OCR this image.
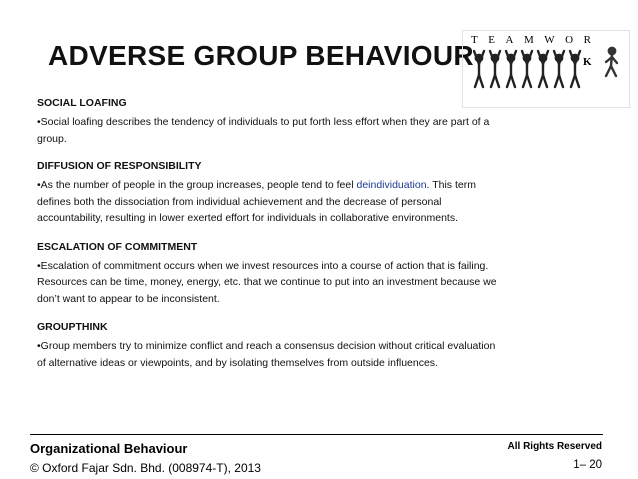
ADVERSE GROUP BEHAVIOUR
T E A M W O R
K

SOCIAL LOAFING

•Social loafing describes the tendency of individuals to put forth less effort when they are part of a group.

DIFFUSION OF RESPONSIBILITY

•As the number of people in the group increases, people tend to feel deindividuation. This term defines both the dissociation from individual achievement and the decrease of personal accountability, resulting in lower exerted effort for individuals in collaborative environments.

ESCALATION OF COMMITMENT

•Escalation of commitment occurs when we invest resources into a course of action that is failing. Resources can be time, money, energy, etc. that we continue to put into an investment because we don’t want to appear to be inconsistent.

GROUPTHINK

•Group members try to minimize conflict and reach a consensus decision without critical evaluation of alternative ideas or viewpoints, and by isolating themselves from outside influences.

Organizational Behaviour
© Oxford Fajar Sdn. Bhd. (008974-T), 2013
All Rights Reserved
1– 20
